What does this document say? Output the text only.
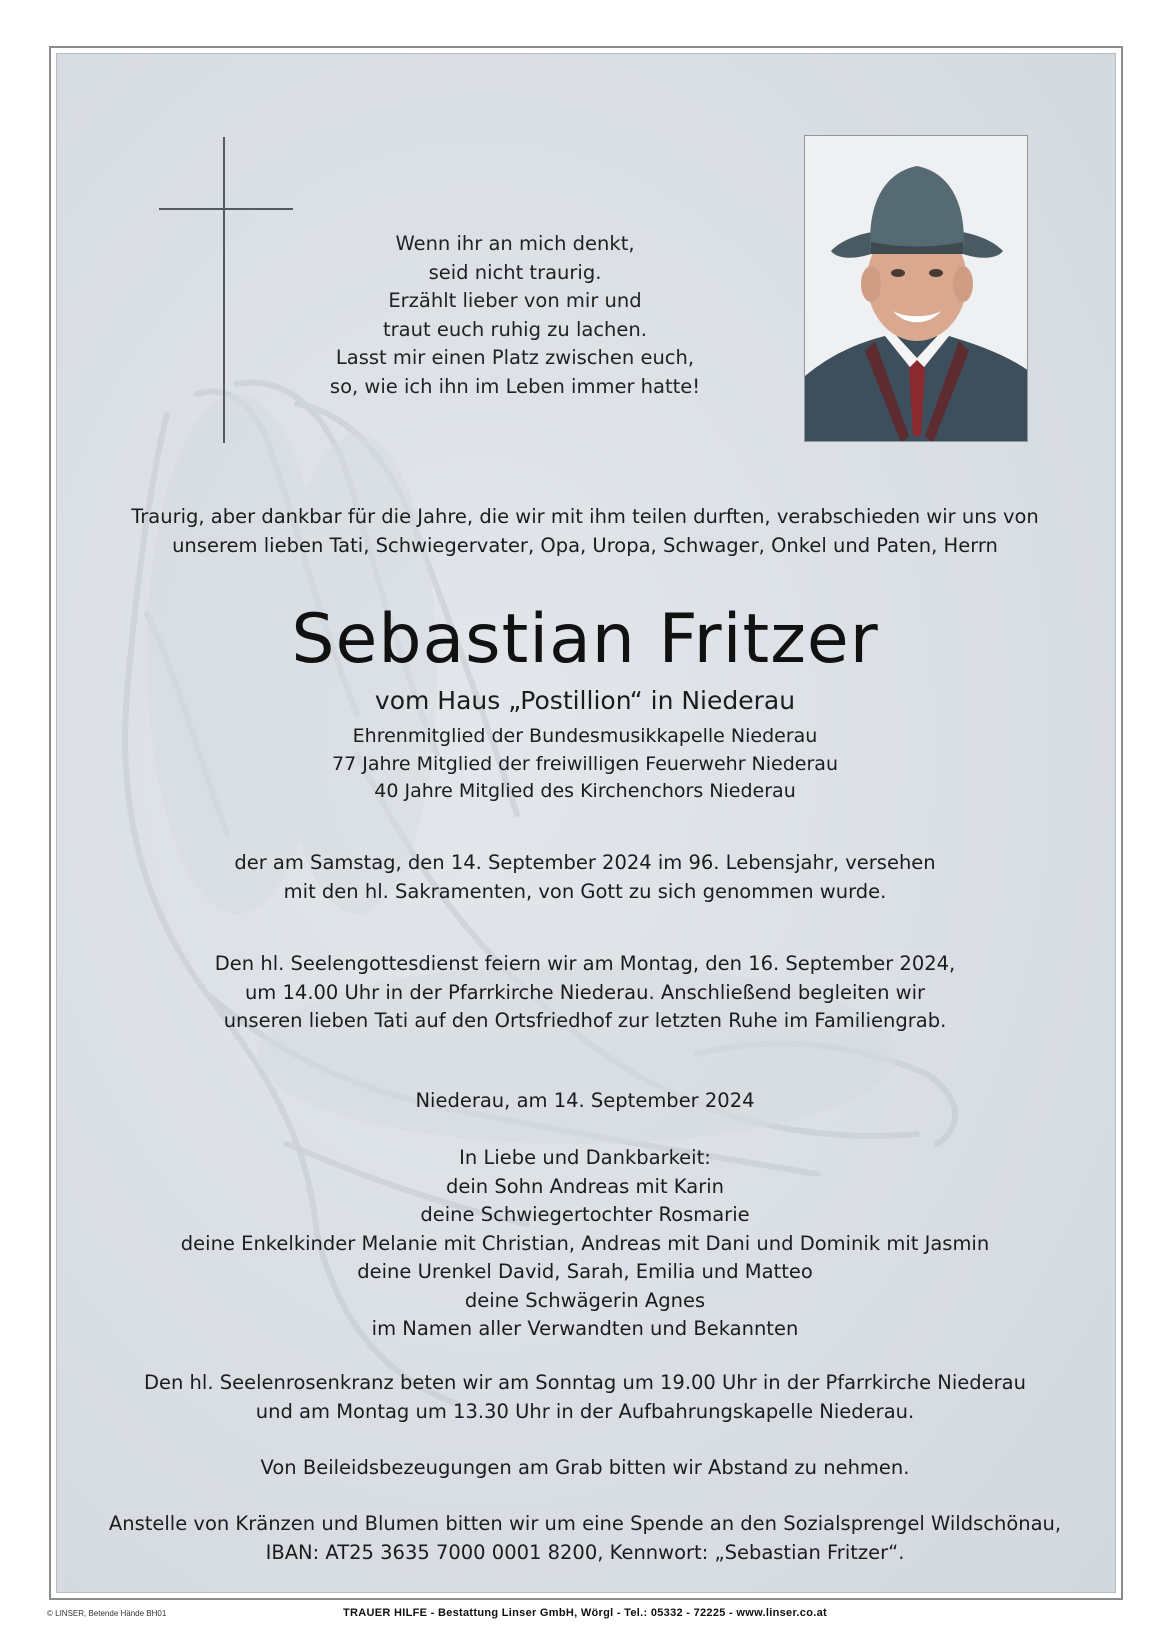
Wenn ihr an mich denkt,
seid nicht traurig.
Erzählt lieber von mir und
traut euch ruhig zu lachen.
Lasst mir einen Platz zwischen euch,
so, wie ich ihn im Leben immer hatte!
Traurig, aber dankbar für die Jahre, die wir mit ihm teilen durften, verabschieden wir uns von
unserem lieben Tati, Schwiegervater, Opa, Uropa, Schwager, Onkel und Paten, Herrn
Sebastian Fritzer
vom Haus „Postillion“ in Niederau
Ehrenmitglied der Bundesmusikkapelle Niederau
77 Jahre Mitglied der freiwilligen Feuerwehr Niederau
40 Jahre Mitglied des Kirchenchors Niederau
der am Samstag, den 14. September 2024 im 96. Lebensjahr, versehen
mit den hl. Sakramenten, von Gott zu sich genommen wurde.
Den hl. Seelengottesdienst feiern wir am Montag, den 16. September 2024,
um 14.00 Uhr in der Pfarrkirche Niederau. Anschließend begleiten wir
unseren lieben Tati auf den Ortsfriedhof zur letzten Ruhe im Familiengrab.
Niederau, am 14. September 2024
In Liebe und Dankbarkeit:
dein Sohn Andreas mit Karin
deine Schwiegertochter Rosmarie
deine Enkelkinder Melanie mit Christian, Andreas mit Dani und Dominik mit Jasmin
deine Urenkel David, Sarah, Emilia und Matteo
deine Schwägerin Agnes
im Namen aller Verwandten und Bekannten
Den hl. Seelenrosenkranz beten wir am Sonntag um 19.00 Uhr in der Pfarrkirche Niederau
und am Montag um 13.30 Uhr in der Aufbahrungskapelle Niederau.
Von Beileidsbezeugungen am Grab bitten wir Abstand zu nehmen.
Anstelle von Kränzen und Blumen bitten wir um eine Spende an den Sozialsprengel Wildschönau,
IBAN: AT25 3635 7000 0001 8200, Kennwort: „Sebastian Fritzer“.
© LINSER, Betende Hände BH01	TRAUER HILFE - Bestattung Linser GmbH, Wörgl - Tel.: 05332 - 72225 - www.linser.co.at
